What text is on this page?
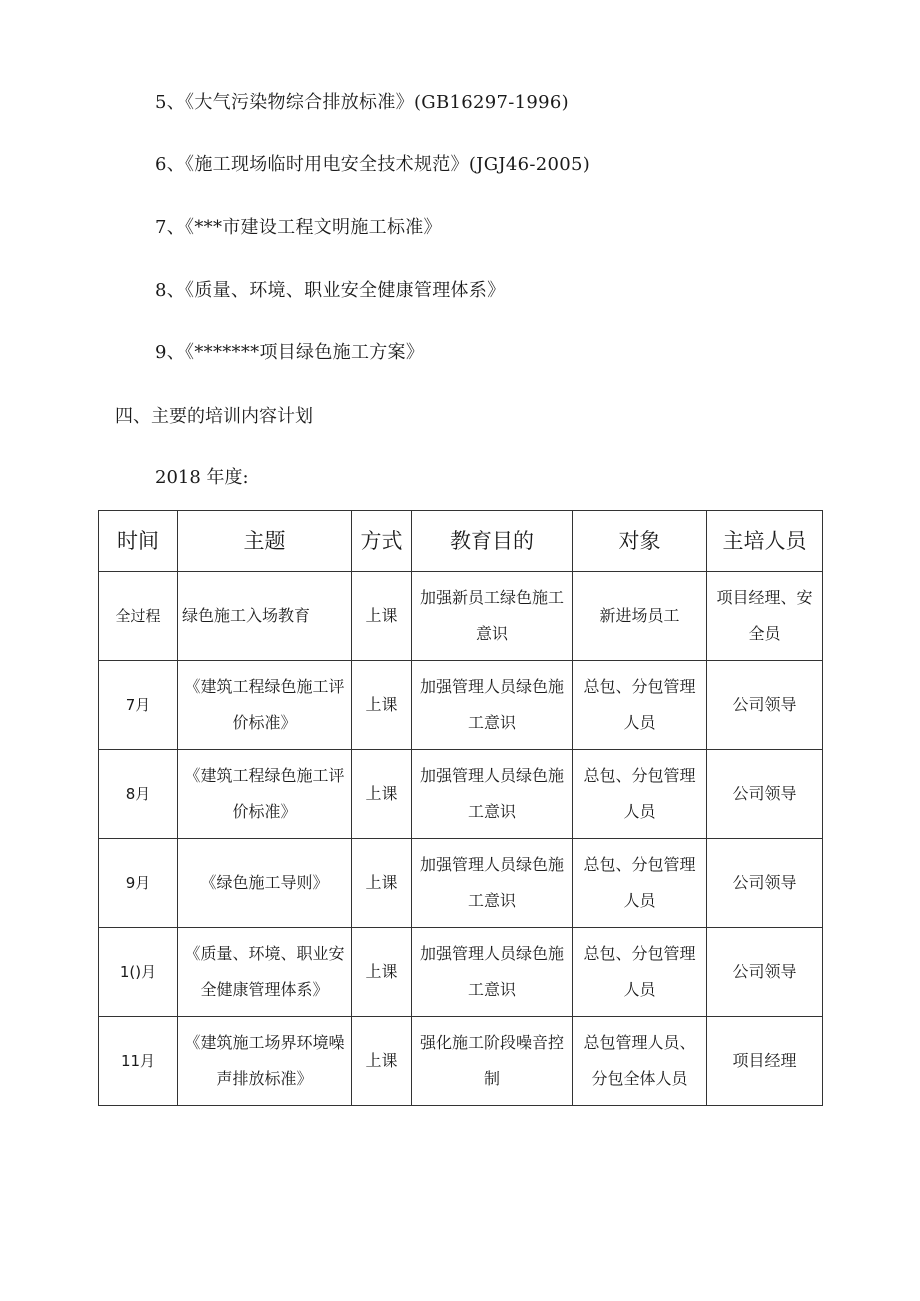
5、《大气污染物综合排放标准》(GB16297-1996)
6、《施工现场临时用电安全技术规范》(JGJ46-2005)
7、《***市建设工程文明施工标准》
8、《质量、环境、职业安全健康管理体系》
9、《*******项目绿色施工方案》
四、主要的培训内容计划
2018 年度:
时间	主题	方式	教育目的	对象	主培人员
全过程	绿色施工入场教育	上课	加强新员工绿色施工意识	新进场员工	项目经理、安全员
7月	《建筑工程绿色施工评价标准》	上课	加强管理人员绿色施工意识	总包、分包管理人员	公司领导
8月	《建筑工程绿色施工评价标准》	上课	加强管理人员绿色施工意识	总包、分包管理人员	公司领导
9月	《绿色施工导则》	上课	加强管理人员绿色施工意识	总包、分包管理人员	公司领导
1()月	《质量、环境、职业安全健康管理体系》	上课	加强管理人员绿色施工意识	总包、分包管理人员	公司领导
11月	《建筑施工场界环境噪声排放标准》	上课	强化施工阶段噪音控制	总包管理人员、分包全体人员	项目经理
